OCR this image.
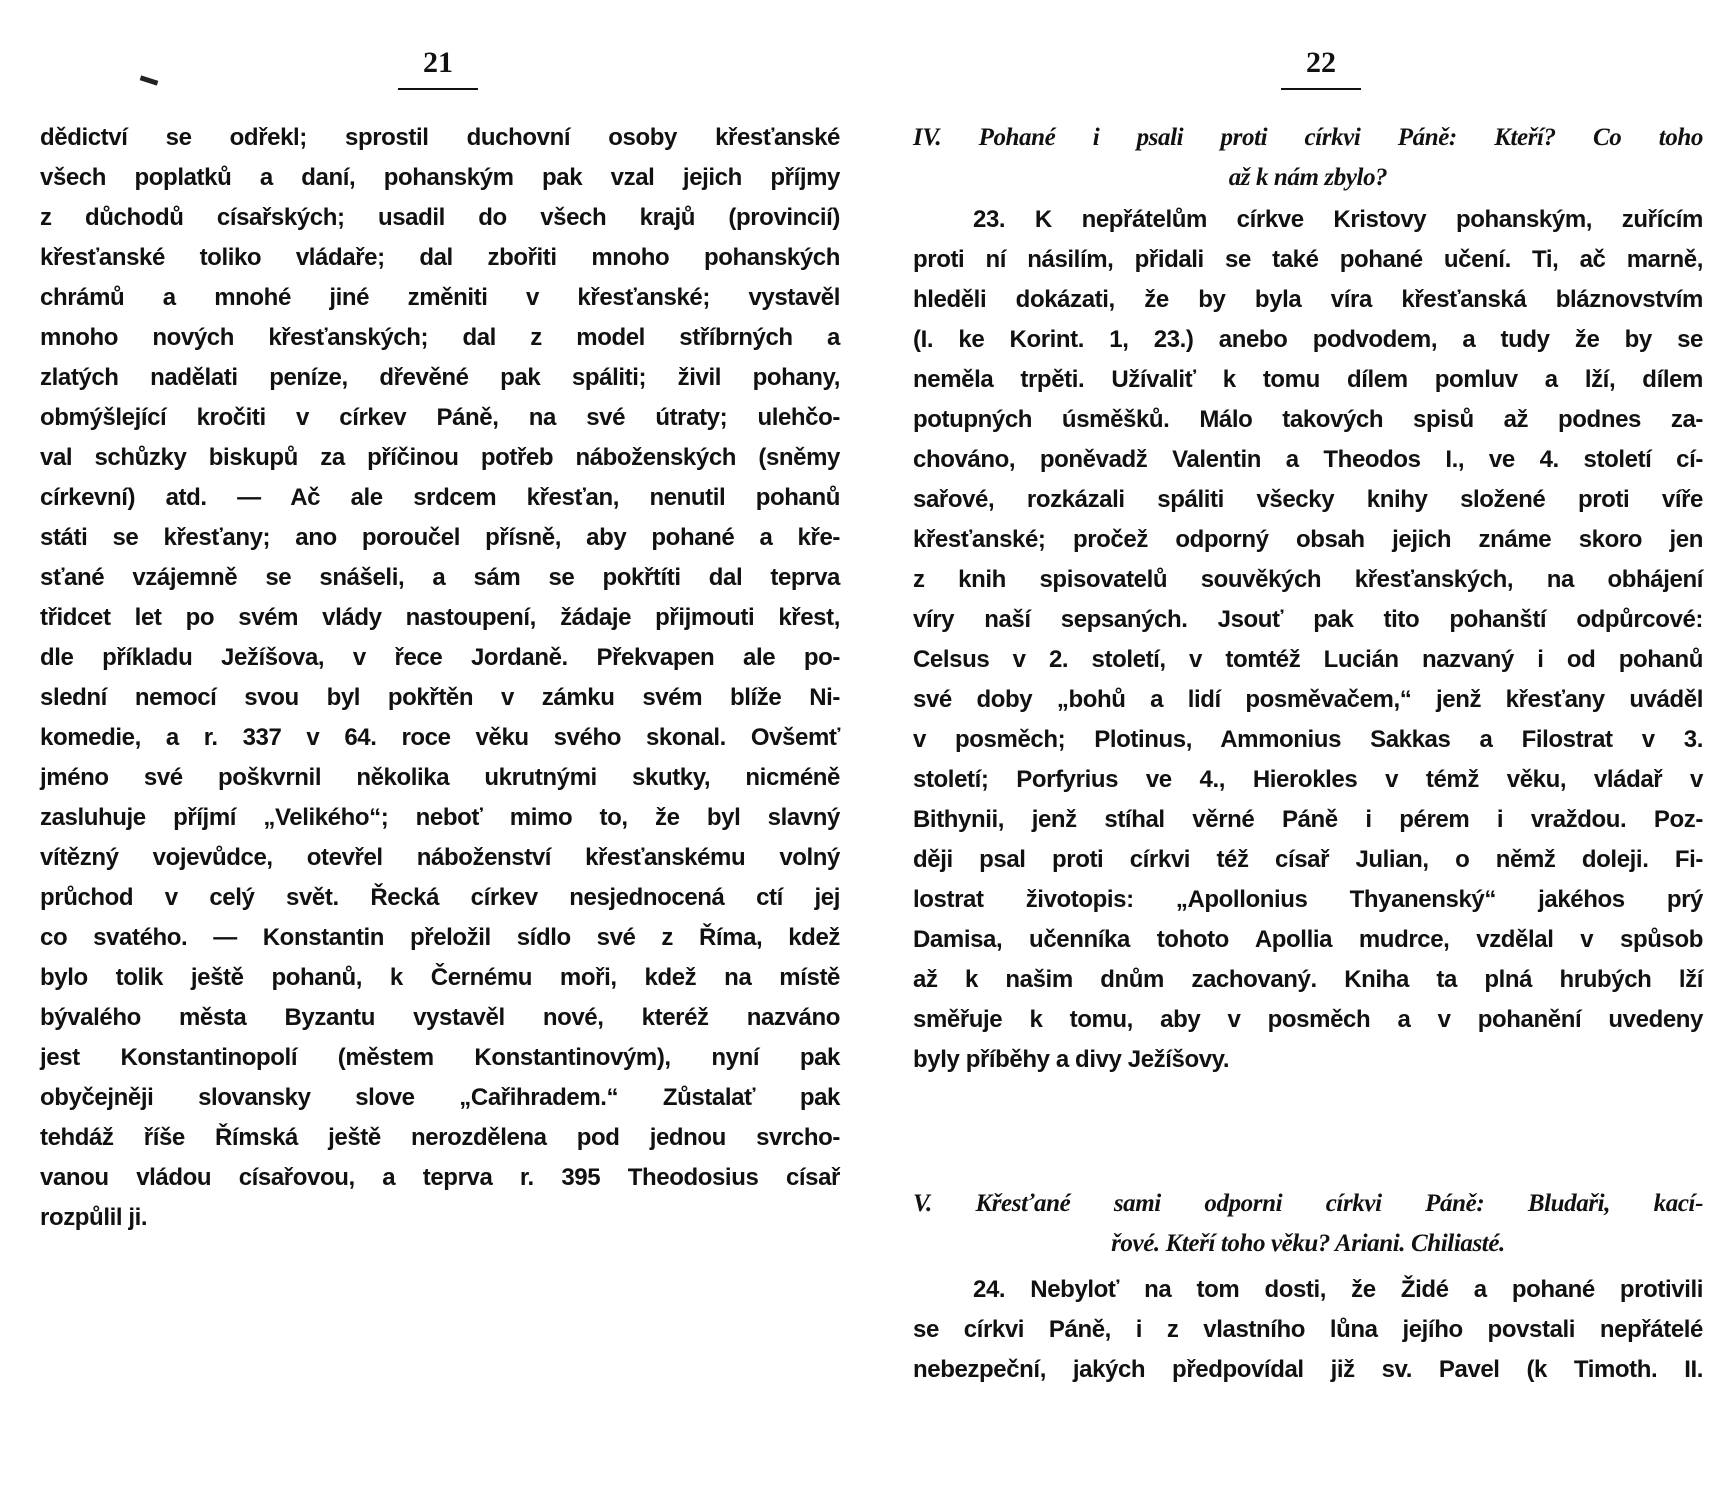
21
dědictví se odřekl; sprostil duchovní osoby křesťanské
všech poplatků a daní, pohanským pak vzal jejich příjmy
z důchodů císařských; usadil do všech krajů (provincií)
křesťanské toliko vládaře; dal zbořiti mnoho pohanských
chrámů a mnohé jiné změniti v křesťanské; vystavěl
mnoho nových křesťanských; dal z model stříbrných a
zlatých nadělati peníze, dřevěné pak spáliti; živil pohany,
obmýšlející kročiti v církev Páně, na své útraty; ulehčo-
val schůzky biskupů za příčinou potřeb náboženských (sněmy
církevní) atd. — Ač ale srdcem křesťan, nenutil pohanů
státi se křesťany; ano poroučel přísně, aby pohané a kře-
sťané vzájemně se snášeli, a sám se pokřtíti dal teprva
třidcet let po svém vlády nastoupení, žádaje přijmouti křest,
dle příkladu Ježíšova, v řece Jordaně. Překvapen ale po-
slední nemocí svou byl pokřtěn v zámku svém blíže Ni-
komedie, a r. 337 v 64. roce věku svého skonal. Ovšemť
jméno své poškvrnil několika ukrutnými skutky, nicméně
zasluhuje příjmí „Velikého“; neboť mimo to, že byl slavný
vítězný vojevůdce, otevřel náboženství křesťanskému volný
průchod v celý svět. Řecká církev nesjednocená ctí jej
co svatého. — Konstantin přeložil sídlo své z Říma, kdež
bylo tolik ještě pohanů, k Černému moři, kdež na místě
bývalého města Byzantu vystavěl nové, kteréž nazváno
jest Konstantinopolí (městem Konstantinovým), nyní pak
obyčejněji slovansky slove „Cařihradem.“ Zůstalať pak
tehdáž říše Římská ještě nerozdělena pod jednou svrcho-
vanou vládou císařovou, a teprva r. 395 Theodosius císař
rozpůlil ji.
22
IV. Pohané i psali proti církvi Páně: Kteří? Co toho
až k nám zbylo?
23. K nepřátelům církve Kristovy pohanským, zuřícím
proti ní násilím, přidali se také pohané učení. Ti, ač marně,
hleděli dokázati, že by byla víra křesťanská bláznovstvím
(I. ke Korint. 1, 23.) anebo podvodem, a tudy že by se
neměla trpěti. Užívaliť k tomu dílem pomluv a lží, dílem
potupných úsměšků. Málo takových spisů až podnes za-
chováno, poněvadž Valentin a Theodos I., ve 4. století cí-
sařové, rozkázali spáliti všecky knihy složené proti víře
křesťanské; pročež odporný obsah jejich známe skoro jen
z knih spisovatelů souvěkých křesťanských, na obhájení
víry naší sepsaných. Jsouť pak tito pohanští odpůrcové:
Celsus v 2. století, v tomtéž Lucián nazvaný i od pohanů
své doby „bohů a lidí posměvačem,“ jenž křesťany uváděl
v posměch; Plotinus, Ammonius Sakkas a Filostrat v 3.
století; Porfyrius ve 4., Hierokles v témž věku, vládař v
Bithynii, jenž stíhal věrné Páně i pérem i vraždou. Poz-
ději psal proti církvi též císař Julian, o němž doleji. Fi-
lostrat životopis: „Apollonius Thyanenský“ jakéhos prý
Damisa, učenníka tohoto Apollia mudrce, vzdělal v spůsob
až k našim dnům zachovaný. Kniha ta plná hrubých lží
směřuje k tomu, aby v posměch a v pohanění uvedeny
byly příběhy a divy Ježíšovy.
V. Křesťané sami odporni církvi Páně: Bludaři, kací-
řové. Kteří toho věku? Ariani. Chiliasté.
24. Nebyloť na tom dosti, že Židé a pohané protivili
se církvi Páně, i z vlastního lůna jejího povstali nepřátelé
nebezpeční, jakých předpovídal již sv. Pavel (k Timoth. II.
